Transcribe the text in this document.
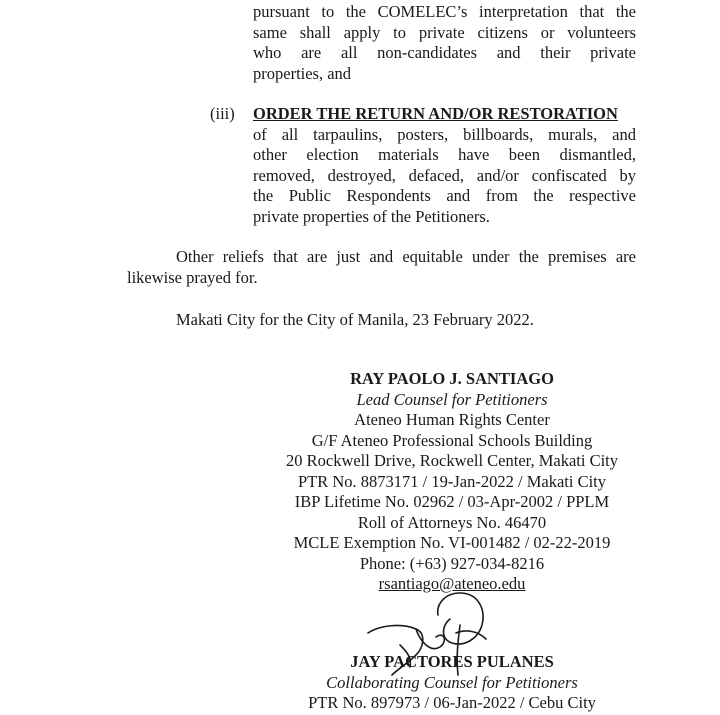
pursuant to the COMELEC’s interpretation that the
same shall apply to private citizens or volunteers
who are all non-candidates and their private
properties, and
(iii) ORDER THE RETURN AND/OR RESTORATION
of all tarpaulins, posters, billboards, murals, and
other election materials have been dismantled,
removed, destroyed, defaced, and/or confiscated by
the Public Respondents and from the respective
private properties of the Petitioners.
Other reliefs that are just and equitable under the premises are
likewise prayed for.
Makati City for the City of Manila, 23 February 2022.
RAY PAOLO J. SANTIAGO
Lead Counsel for Petitioners
Ateneo Human Rights Center
G/F Ateneo Professional Schools Building
20 Rockwell Drive, Rockwell Center, Makati City
PTR No. 8873171 / 19-Jan-2022 / Makati City
IBP Lifetime No. 02962 / 03-Apr-2002 / PPLM
Roll of Attorneys No. 46470
MCLE Exemption No. VI-001482 / 02-22-2019
Phone: (+63) 927-034-8216
rsantiago@ateneo.edu
JAY PACTORES PULANES
Collaborating Counsel for Petitioners
PTR No. 897973 / 06-Jan-2022 / Cebu City
